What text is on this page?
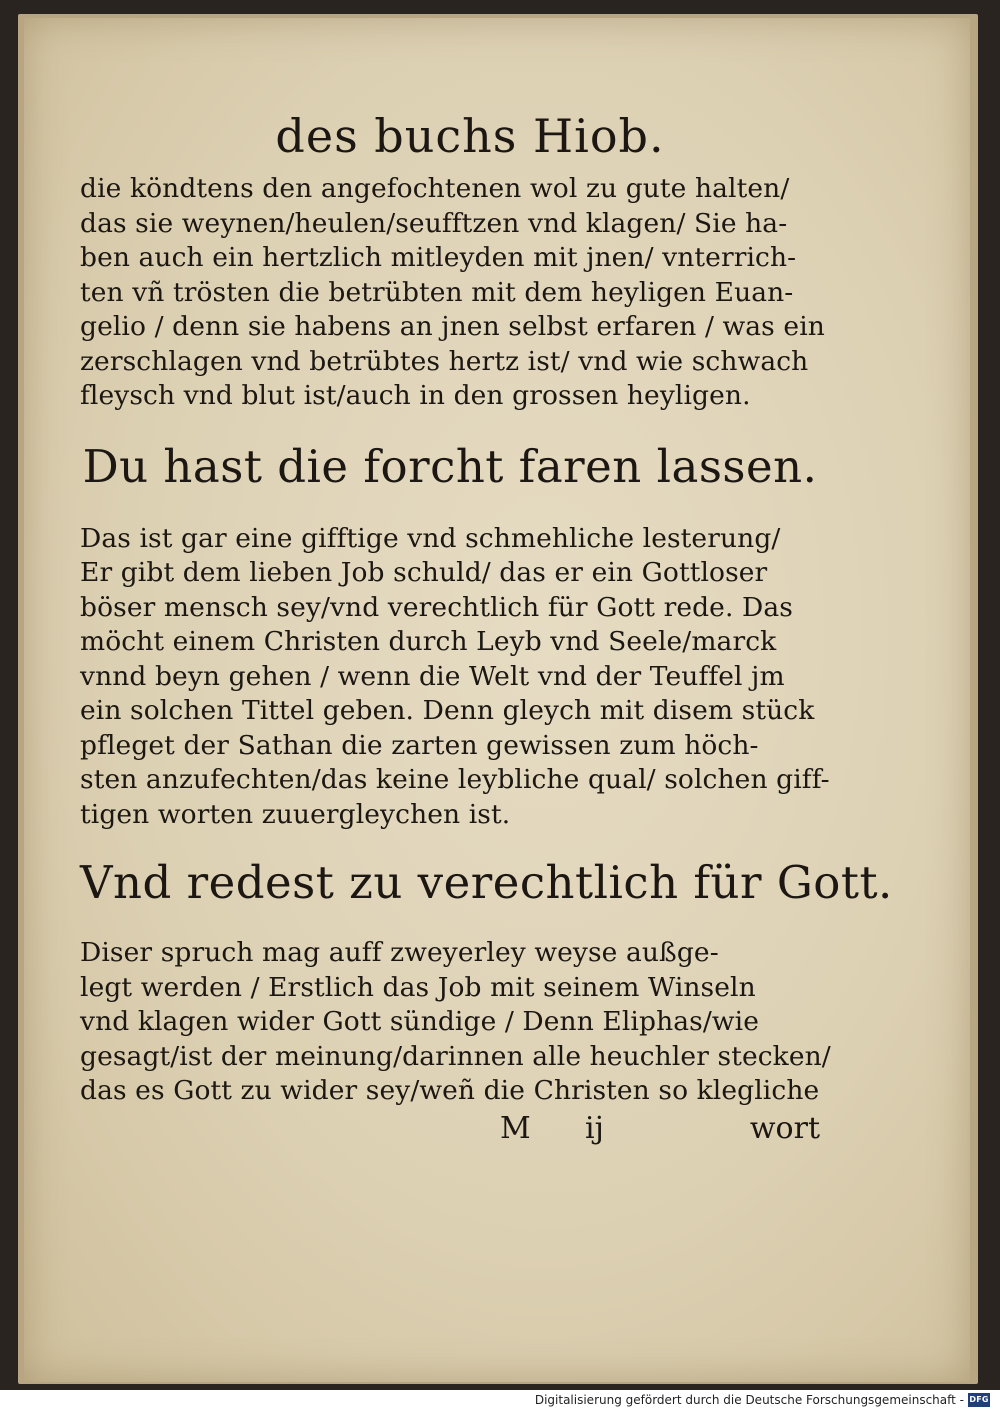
des buchs Hiob.
die köndtens den angefochtenen wol zu gute halten/
das sie weynen/heulen/seufftzen vnd klagen/ Sie ha-
ben auch ein hertzlich mitleyden mit jnen/ vnterrich-
ten vñ trösten die betrübten mit dem heyligen Euan-
gelio / denn sie habens an jnen selbst erfaren / was ein
zerschlagen vnd betrübtes hertz ist/ vnd wie schwach
fleysch vnd blut ist/auch in den grossen heyligen.
Du hast die forcht faren lassen.
Das ist gar eine gifftige vnd schmehliche lesterung/
Er gibt dem lieben Job schuld/ das er ein Gottloser
böser mensch sey/vnd verechtlich für Gott rede. Das
möcht einem Christen durch Leyb vnd Seele/marck
vnnd beyn gehen / wenn die Welt vnd der Teuffel jm
ein solchen Tittel geben. Denn gleych mit disem stück
pfleget der Sathan die zarten gewissen zum höch-
sten anzufechten/das keine leybliche qual/ solchen giff-
tigen worten zuuergleychen ist.
Vnd redest zu verechtlich für Gott.
Diser spruch mag auff zweyerley weyse außge-
legt werden / Erstlich das Job mit seinem Winseln
vnd klagen wider Gott sündige / Denn Eliphas/wie
gesagt/ist der meinung/darinnen alle heuchler stecken/
das es Gott zu wider sey/weñ die Christen so klegliche
M ij	wort
Digitalisierung gefördert durch die Deutsche Forschungsgemeinschaft - DFG
